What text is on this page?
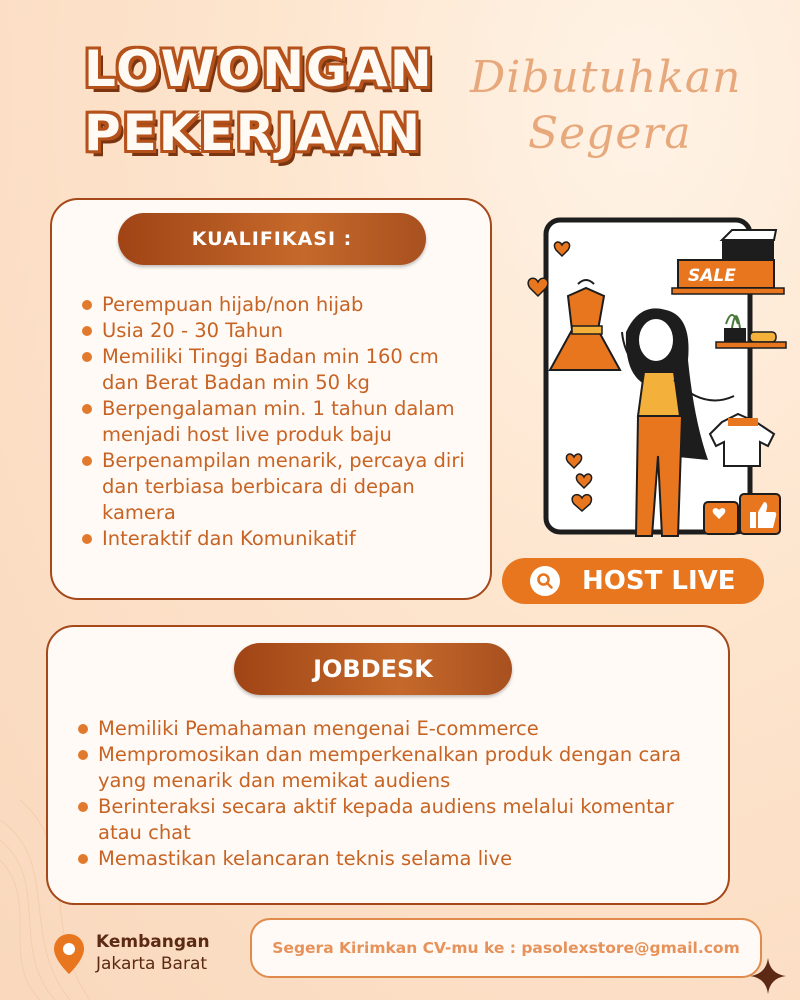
LOWONGAN
PEKERJAAN
Dibutuhkan
Segera
KUALIFIKASI :
Perempuan hijab/non hijab
Usia 20 - 30 Tahun
Memiliki Tinggi Badan min 160 cm dan Berat Badan min 50 kg
Berpengalaman min. 1 tahun dalam menjadi host live produk baju
Berpenampilan menarik, percaya diri dan terbiasa berbicara di depan kamera
Interaktif dan Komunikatif
SALE
HOST LIVE
JOBDESK
Memiliki Pemahaman mengenai E-commerce
Mempromosikan dan memperkenalkan produk dengan cara yang menarik dan memikat audiens
Berinteraksi secara aktif kepada audiens melalui komentar atau chat
Memastikan kelancaran teknis selama live
Kembangan
Jakarta Barat
Segera Kirimkan CV-mu ke : pasolexstore@gmail.com
